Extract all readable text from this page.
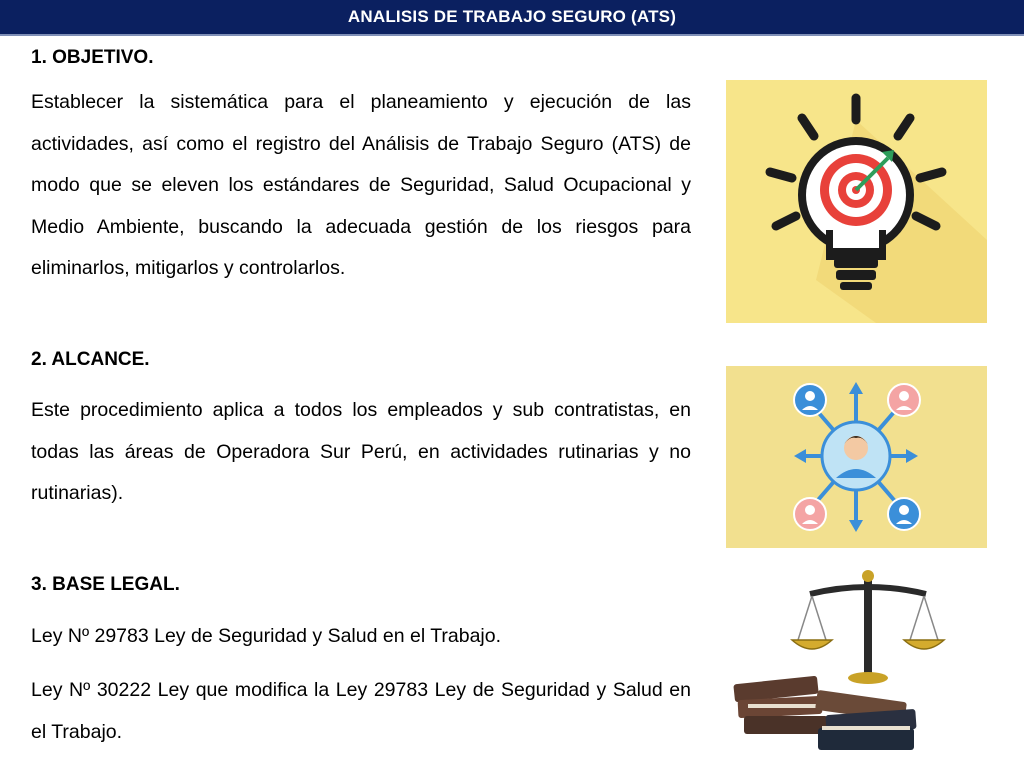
ANALISIS DE TRABAJO SEGURO (ATS)

1. OBJETIVO.

Establecer la sistemática para el planeamiento y ejecución de las actividades, así como el registro del Análisis de Trabajo Seguro (ATS) de modo que se eleven los estándares de Seguridad, Salud Ocupacional y Medio Ambiente, buscando la adecuada gestión de los riesgos para eliminarlos, mitigarlos y controlarlos.

2. ALCANCE.

Este procedimiento aplica a todos los empleados y sub contratistas, en todas las áreas de Operadora Sur Perú, en actividades rutinarias y no rutinarias).

3. BASE LEGAL.

Ley Nº 29783 Ley de Seguridad y Salud en el Trabajo.

Ley Nº 30222 Ley que modifica la Ley 29783 Ley de Seguridad y Salud en el Trabajo.
